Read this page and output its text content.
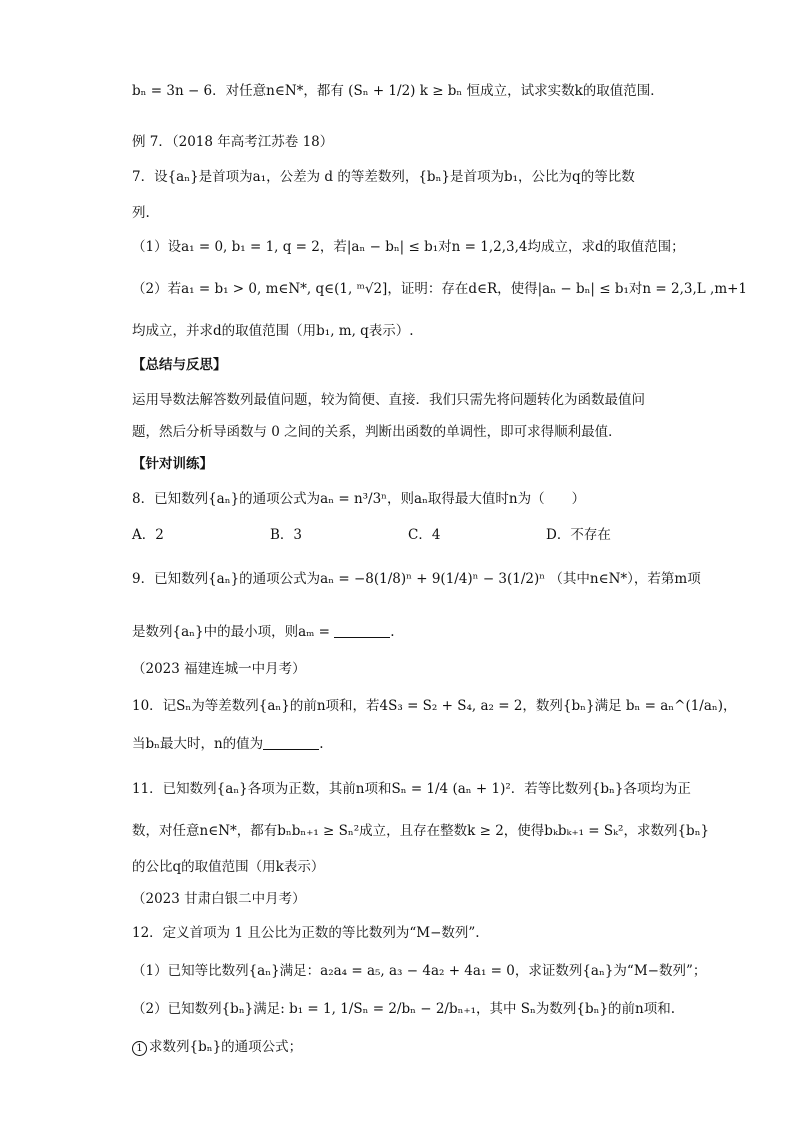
bₙ = 3n − 6．对任意n∈N*，都有 (Sₙ + 1/2) k ≥ bₙ 恒成立，试求实数k的取值范围．
例 7．（2018 年高考江苏卷 18）
7．设{aₙ}是首项为a₁，公差为 d 的等差数列，{bₙ}是首项为b₁，公比为q的等比数
列.
（1）设a₁ = 0, b₁ = 1, q = 2，若|aₙ − bₙ| ≤ b₁对n = 1,2,3,4均成立，求d的取值范围；
（2）若a₁ = b₁ > 0, m∈N*, q∈(1, ᵐ√2]，证明：存在d∈R，使得|aₙ − bₙ| ≤ b₁对n = 2,3,L ,m+1
均成立，并求d的取值范围（用b₁, m, q表示）.
【总结与反思】
运用导数法解答数列最值问题，较为简便、直接．我们只需先将问题转化为函数最值问
题，然后分析导函数与 0 之间的关系，判断出函数的单调性，即可求得顺利最值．
【针对训练】
8．已知数列{aₙ}的通项公式为aₙ = n³/3ⁿ，则aₙ取得最大值时n为（　　）
A．2	B．3	C．4	D．不存在
9．已知数列{aₙ}的通项公式为aₙ = −8(1/8)ⁿ + 9(1/4)ⁿ − 3(1/2)ⁿ （其中n∈N*），若第m项
是数列{aₙ}中的最小项，则aₘ =	.
（2023 福建连城一中月考）
10．记Sₙ为等差数列{aₙ}的前n项和，若4S₃ = S₂ + S₄, a₂ = 2，数列{bₙ}满足 bₙ = aₙ^(1/aₙ)，
当bₙ最大时，n的值为	.
11．已知数列{aₙ}各项为正数，其前n项和Sₙ = 1/4 (aₙ + 1)²．若等比数列{bₙ}各项均为正
数，对任意n∈N*，都有bₙbₙ₊₁ ≥ Sₙ²成立，且存在整数k ≥ 2，使得bₖbₖ₊₁ = Sₖ²，求数列{bₙ}
的公比q的取值范围（用k表示）
（2023 甘肃白银二中月考）
12．定义首项为 1 且公比为正数的等比数列为“M−数列”.
（1）已知等比数列{aₙ}满足：a₂a₄ = a₅, a₃ − 4a₂ + 4a₁ = 0，求证数列{aₙ}为“M−数列”；
（2）已知数列{bₙ}满足: b₁ = 1, 1/Sₙ = 2/bₙ − 2/bₙ₊₁，其中 Sₙ为数列{bₙ}的前n项和.
1 求数列{bₙ}的通项公式；
